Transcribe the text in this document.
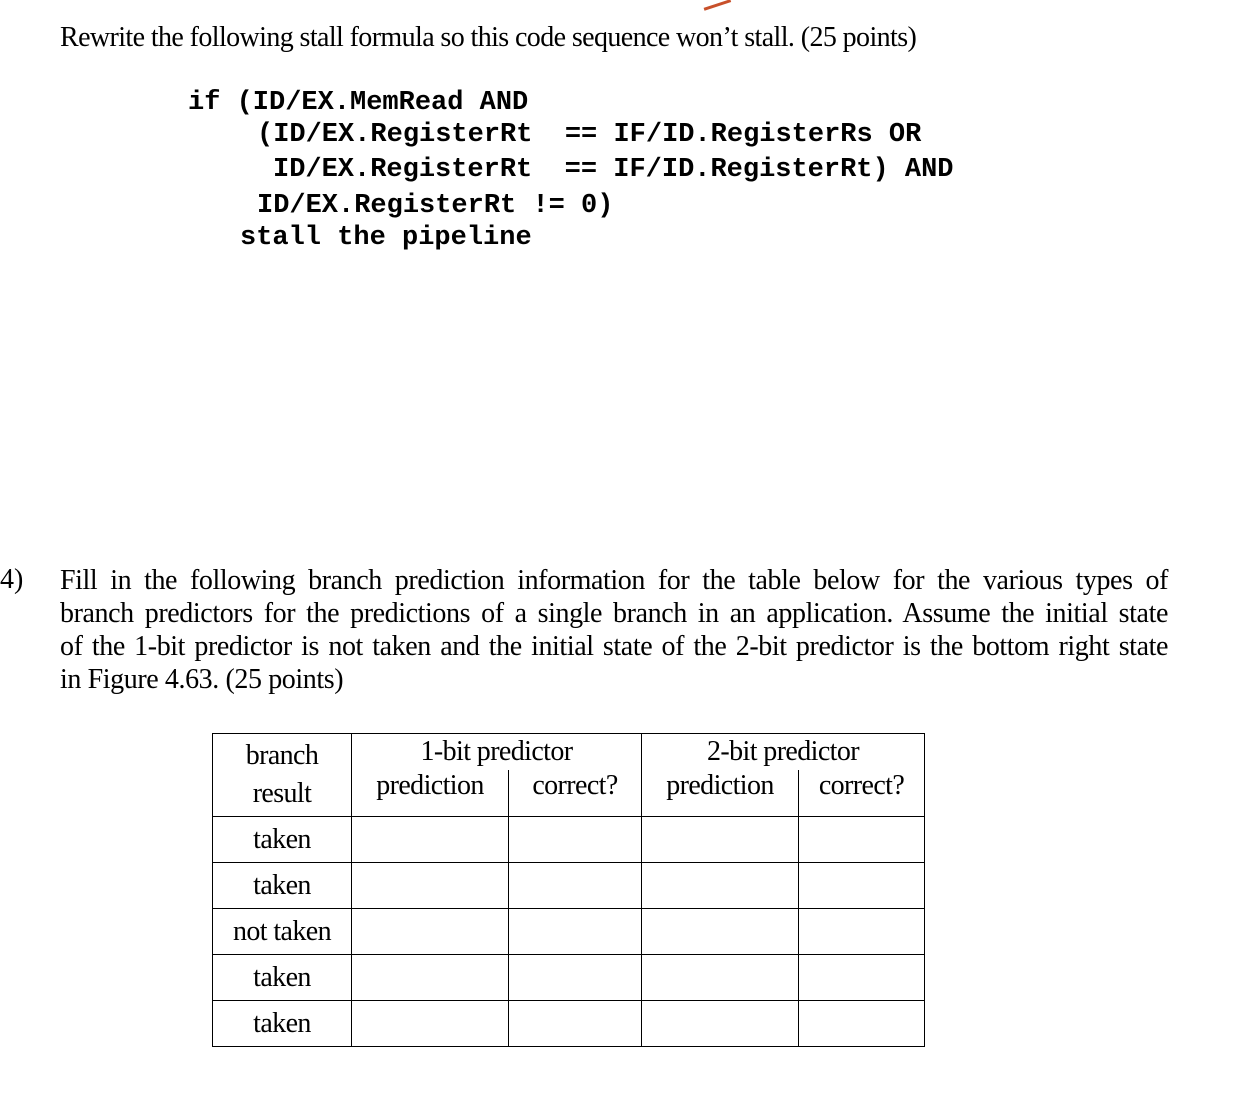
Rewrite the following stall formula so this code sequence won’t stall. (25 points)
if (ID/EX.MemRead AND
(ID/EX.RegisterRt  == IF/ID.RegisterRs OR
ID/EX.RegisterRt  == IF/ID.RegisterRt) AND
ID/EX.RegisterRt != 0)
stall the pipeline
4) Fill in the following branch prediction information for the table below for the various types of
branch predictors for the predictions of a single branch in an application. Assume the initial state
of the 1-bit predictor is not taken and the initial state of the 2-bit predictor is the bottom right state
in Figure 4.63. (25 points)
branch
result	1-bit predictor		2-bit predictor	
	prediction	correct?	prediction	correct?
taken				
taken				
not taken				
taken				
taken				
